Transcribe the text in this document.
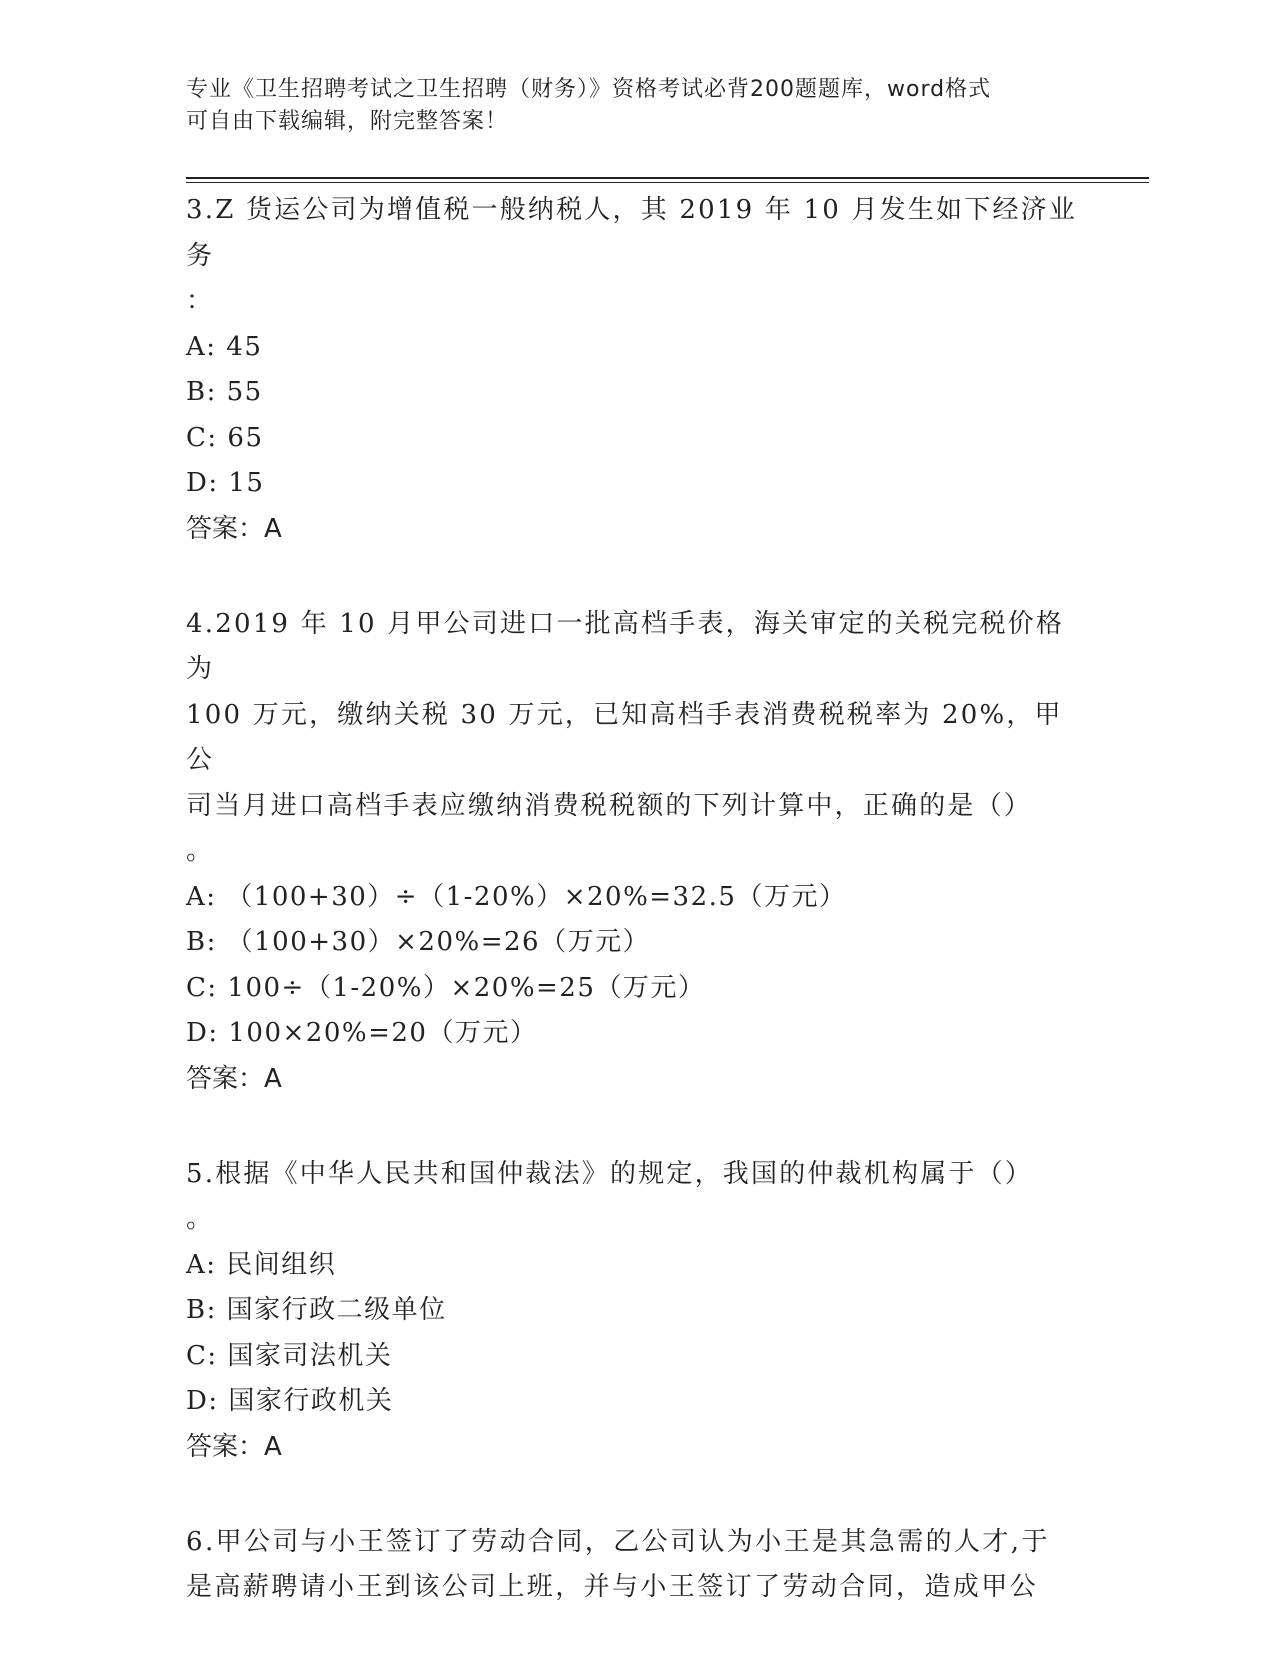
专业《卫生招聘考试之卫生招聘（财务）》资格考试必背200题题库，word格式
可自由下载编辑，附完整答案！

3.Z 货运公司为增值税一般纳税人，其 2019 年 10 月发生如下经济业务

：

A: 45

B: 55

C: 65

D: 15

答案：A

4.2019 年 10 月甲公司进口一批高档手表，海关审定的关税完税价格为

100 万元，缴纳关税 30 万元，已知高档手表消费税税率为 20%，甲公

司当月进口高档手表应缴纳消费税税额的下列计算中，正确的是（）

。

A: （100+30）÷（1-20%）×20%=32.5（万元）

B: （100+30）×20%=26（万元）

C: 100÷（1-20%）×20%=25（万元）

D: 100×20%=20（万元）

答案：A

5.根据《中华人民共和国仲裁法》的规定，我国的仲裁机构属于（）

。

A: 民间组织

B: 国家行政二级单位

C: 国家司法机关

D: 国家行政机关

答案：A

6.甲公司与小王签订了劳动合同，乙公司认为小王是其急需的人才,于

是高薪聘请小王到该公司上班，并与小王签订了劳动合同，造成甲公
